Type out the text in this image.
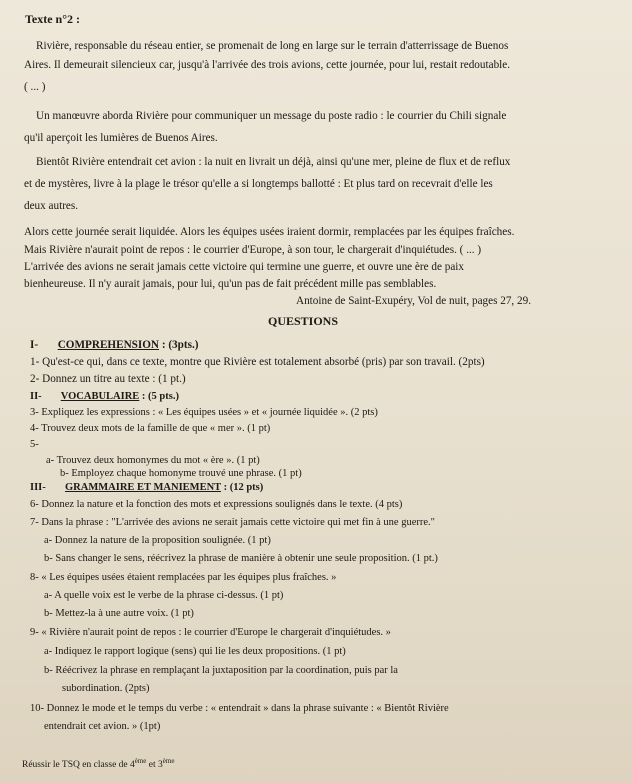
Texte n°2 :
Rivière, responsable du réseau entier, se promenait de long en large sur le terrain d'atterrissage de Buenos
Aires. Il demeurait silencieux car, jusqu'à l'arrivée des trois avions, cette journée, pour lui, restait redoutable.
( ... )
Un manœuvre aborda Rivière pour communiquer un message du poste radio : le courrier du Chili signale
qu'il aperçoit les lumières de Buenos Aires.
Bientôt Rivière entendrait cet avion : la nuit en livrait un déjà, ainsi qu'une mer, pleine de flux et de reflux
et de mystères, livre à la plage le trésor qu'elle a si longtemps ballotté : Et plus tard on recevrait d'elle les
deux autres.
Alors cette journée serait liquidée. Alors les équipes usées iraient dormir, remplacées par les équipes fraîches.
Mais Rivière n'aurait point de repos : le courrier d'Europe, à son tour, le chargerait d'inquiétudes. ( ... )
L'arrivée des avions ne serait jamais cette victoire qui termine une guerre, et ouvre une ère de paix
bienheureuse. Il n'y aurait jamais, pour lui, qu'un pas de fait précédent mille pas semblables.
Antoine de Saint-Exupéry, Vol de nuit, pages 27, 29.
QUESTIONS
I- COMPREHENSION : (3pts.)
1- Qu'est-ce qui, dans ce texte, montre que Rivière est totalement absorbé (pris) par son travail. (2pts)
2- Donnez un titre au texte : (1 pt.)
II- VOCABULAIRE : (5 pts.)
3- Expliquez les expressions : « Les équipes usées » et « journée liquidée ». (2 pts)
4- Trouvez deux mots de la famille de que « mer ». (1 pt)
5-
a- Trouvez deux homonymes du mot « ère ». (1 pt)
b- Employez chaque homonyme trouvé une phrase. (1 pt)
III- GRAMMAIRE ET MANIEMENT : (12 pts)
6- Donnez la nature et la fonction des mots et expressions soulignés dans le texte. (4 pts)
7- Dans la phrase : "L'arrivée des avions ne serait jamais cette victoire qui met fin à une guerre."
a- Donnez la nature de la proposition soulignée. (1 pt)
b- Sans changer le sens, réécrivez la phrase de manière à obtenir une seule proposition. (1 pt.)
8- « Les équipes usées étaient remplacées par les équipes plus fraîches. »
a- A quelle voix est le verbe de la phrase ci-dessus. (1 pt)
b- Mettez-la à une autre voix. (1 pt)
9- « Rivière n'aurait point de repos : le courrier d'Europe le chargerait d'inquiétudes. »
a- Indiquez le rapport logique (sens) qui lie les deux propositions. (1 pt)
b- Réécrivez la phrase en remplaçant la juxtaposition par la coordination, puis par la
subordination. (2pts)
10- Donnez le mode et le temps du verbe : « entendrait » dans la phrase suivante : « Bientôt Rivière
entendrait cet avion. » (1pt)
Réussir le TSQ en classe de 4ème et 3ème
